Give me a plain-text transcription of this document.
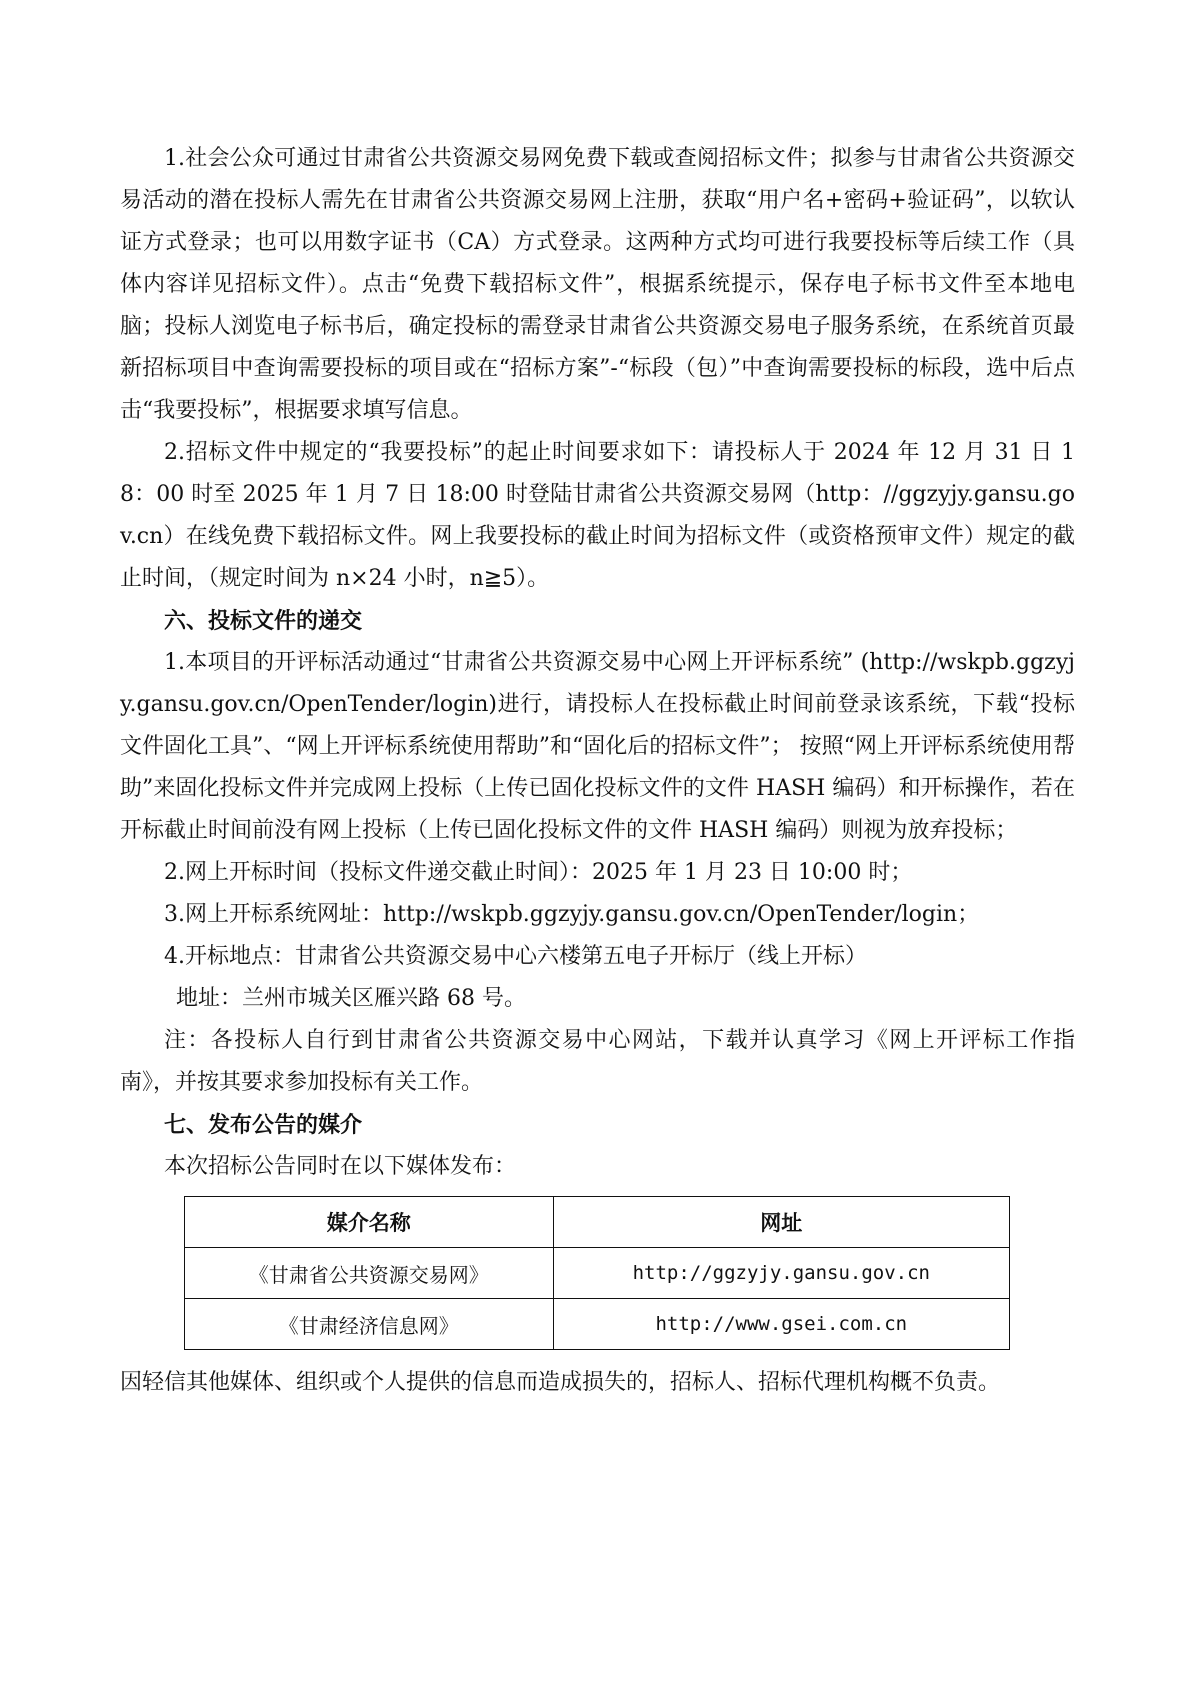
1.社会公众可通过甘肃省公共资源交易网免费下载或查阅招标文件；拟参与甘肃省公共资源交易活动的潜在投标人需先在甘肃省公共资源交易网上注册，获取“用户名+密码+验证码”，以软认证方式登录；也可以用数字证书（CA）方式登录。这两种方式均可进行我要投标等后续工作（具体内容详见招标文件）。点击“免费下载招标文件”，根据系统提示，保存电子标书文件至本地电脑；投标人浏览电子标书后，确定投标的需登录甘肃省公共资源交易电子服务系统，在系统首页最新招标项目中查询需要投标的项目或在“招标方案”-“标段（包）”中查询需要投标的标段，选中后点击“我要投标”，根据要求填写信息。

2.招标文件中规定的“我要投标”的起止时间要求如下：请投标人于 2024 年 12 月 31 日 18：00 时至 2025 年 1 月 7 日 18:00 时登陆甘肃省公共资源交易网（http：//ggzyjy.gansu.gov.cn）在线免费下载招标文件。网上我要投标的截止时间为招标文件（或资格预审文件）规定的截止时间，（规定时间为 n×24 小时，n≧5）。

六、投标文件的递交

1.本项目的开评标活动通过“甘肃省公共资源交易中心网上开评标系统” (http://wskpb.ggzyjy.gansu.gov.cn/OpenTender/login)进行，请投标人在投标截止时间前登录该系统，下载“投标文件固化工具”、“网上开评标系统使用帮助”和“固化后的招标文件”； 按照“网上开评标系统使用帮助”来固化投标文件并完成网上投标（上传已固化投标文件的文件 HASH 编码）和开标操作，若在开标截止时间前没有网上投标（上传已固化投标文件的文件 HASH 编码）则视为放弃投标；

2.网上开标时间（投标文件递交截止时间）：2025 年 1 月 23 日 10:00 时；

3.网上开标系统网址：http://wskpb.ggzyjy.gansu.gov.cn/OpenTender/login；

4.开标地点：甘肃省公共资源交易中心六楼第五电子开标厅（线上开标）

地址：兰州市城关区雁兴路 68 号。

注：各投标人自行到甘肃省公共资源交易中心网站，下载并认真学习《网上开评标工作指南》，并按其要求参加投标有关工作。

七、发布公告的媒介

本次招标公告同时在以下媒体发布：

媒介名称	网址
《甘肃省公共资源交易网》	http://ggzyjy.gansu.gov.cn
《甘肃经济信息网》	http://www.gsei.com.cn

因轻信其他媒体、组织或个人提供的信息而造成损失的，招标人、招标代理机构概不负责。
